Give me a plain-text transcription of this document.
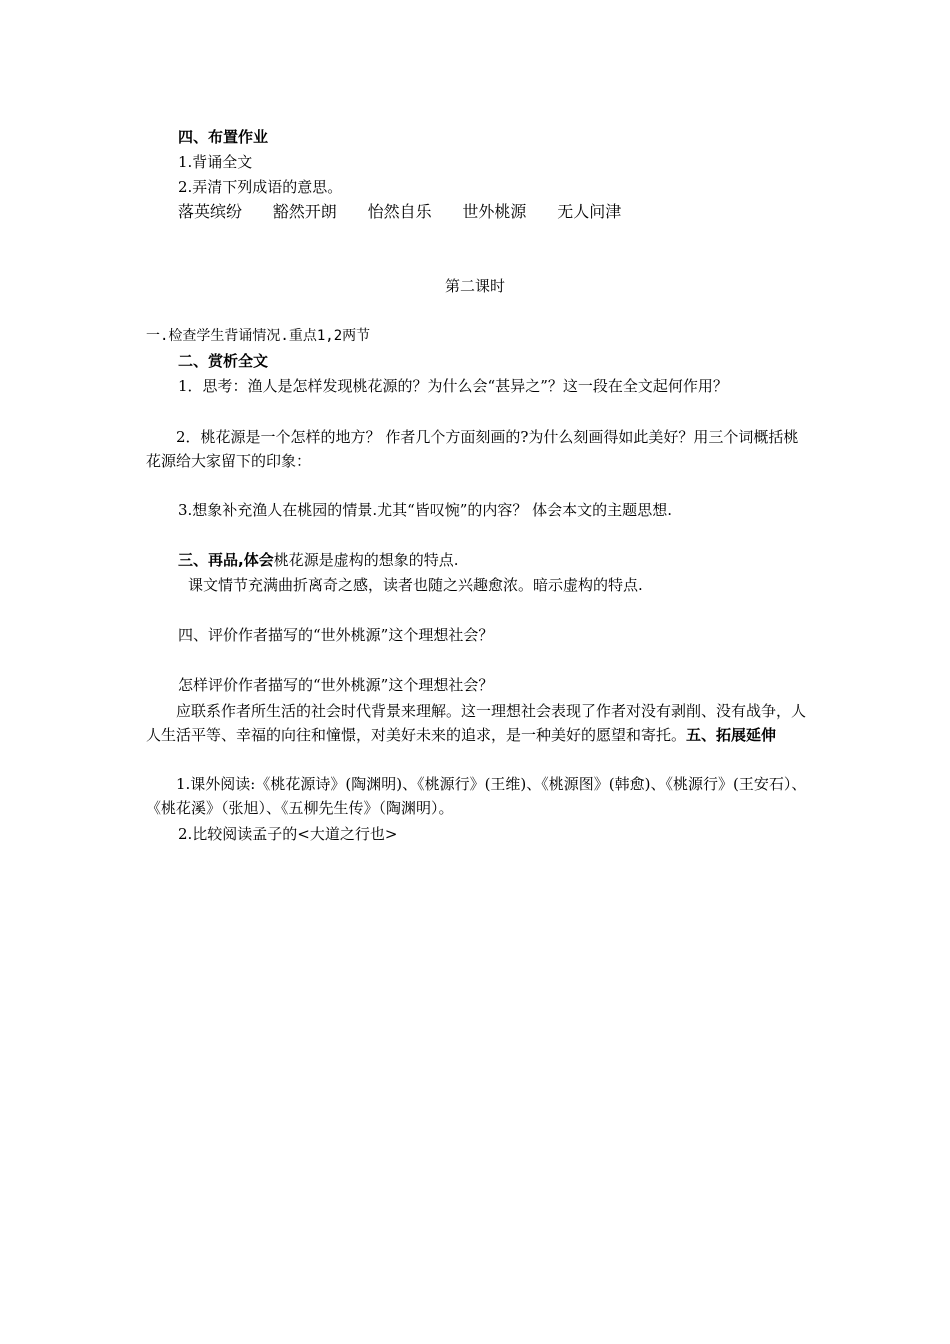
四、布置作业
1.背诵全文
2.弄清下列成语的意思。
落英缤纷 豁然开朗 怡然自乐 世外桃源 无人问津
第二课时
一.检查学生背诵情况.重点1,2两节
二、赏析全文
1．思考：渔人是怎样发现桃花源的？为什么会“甚异之”？这一段在全文起何作用？
2．桃花源是一个怎样的地方？ 作者几个方面刻画的?为什么刻画得如此美好？用三个词概括桃花源给大家留下的印象：
3.想象补充渔人在桃园的情景.尤其“皆叹惋”的内容？ 体会本文的主题思想.
三、再品,体会桃花源是虚构的想象的特点.
课文情节充满曲折离奇之感，读者也随之兴趣愈浓。暗示虚构的特点.
四、评价作者描写的“世外桃源”这个理想社会？
怎样评价作者描写的“世外桃源”这个理想社会？
应联系作者所生活的社会时代背景来理解。这一理想社会表现了作者对没有剥削、没有战争，人人生活平等、幸福的向往和憧憬，对美好未来的追求，是一种美好的愿望和寄托。五、拓展延伸
1.课外阅读:《桃花源诗》(陶渊明)、《桃源行》(王维)、《桃源图》(韩愈)、《桃源行》(王安石）、《桃花溪》（张旭）、《五柳先生传》（陶渊明）。
2.比较阅读孟子的<大道之行也>
